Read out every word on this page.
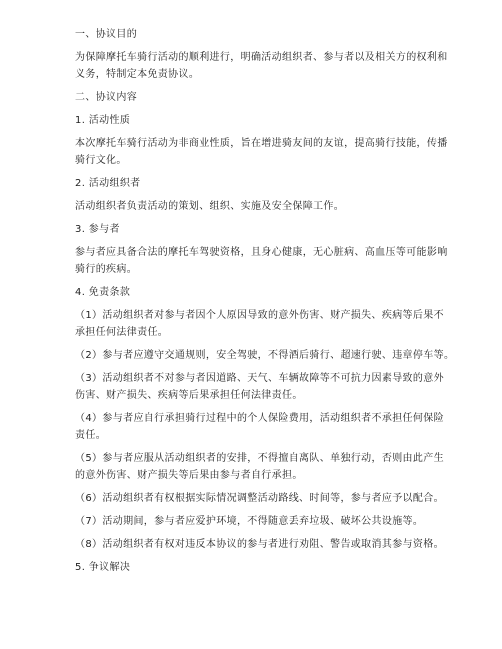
一、协议目的
为保障摩托车骑行活动的顺利进行，明确活动组织者、参与者以及相关方的权利和
义务，特制定本免责协议。
二、协议内容
1. 活动性质
本次摩托车骑行活动为非商业性质，旨在增进骑友间的友谊，提高骑行技能，传播
骑行文化。
2. 活动组织者
活动组织者负责活动的策划、组织、实施及安全保障工作。
3. 参与者
参与者应具备合法的摩托车驾驶资格，且身心健康，无心脏病、高血压等可能影响
骑行的疾病。
4. 免责条款
（1）活动组织者对参与者因个人原因导致的意外伤害、财产损失、疾病等后果不
承担任何法律责任。
（2）参与者应遵守交通规则，安全驾驶，不得酒后骑行、超速行驶、违章停车等。
（3）活动组织者不对参与者因道路、天气、车辆故障等不可抗力因素导致的意外
伤害、财产损失、疾病等后果承担任何法律责任。
（4）参与者应自行承担骑行过程中的个人保险费用，活动组织者不承担任何保险
责任。
（5）参与者应服从活动组织者的安排，不得擅自离队、单独行动，否则由此产生
的意外伤害、财产损失等后果由参与者自行承担。
（6）活动组织者有权根据实际情况调整活动路线、时间等，参与者应予以配合。
（7）活动期间，参与者应爱护环境，不得随意丢弃垃圾、破坏公共设施等。
（8）活动组织者有权对违反本协议的参与者进行劝阻、警告或取消其参与资格。
5. 争议解决
